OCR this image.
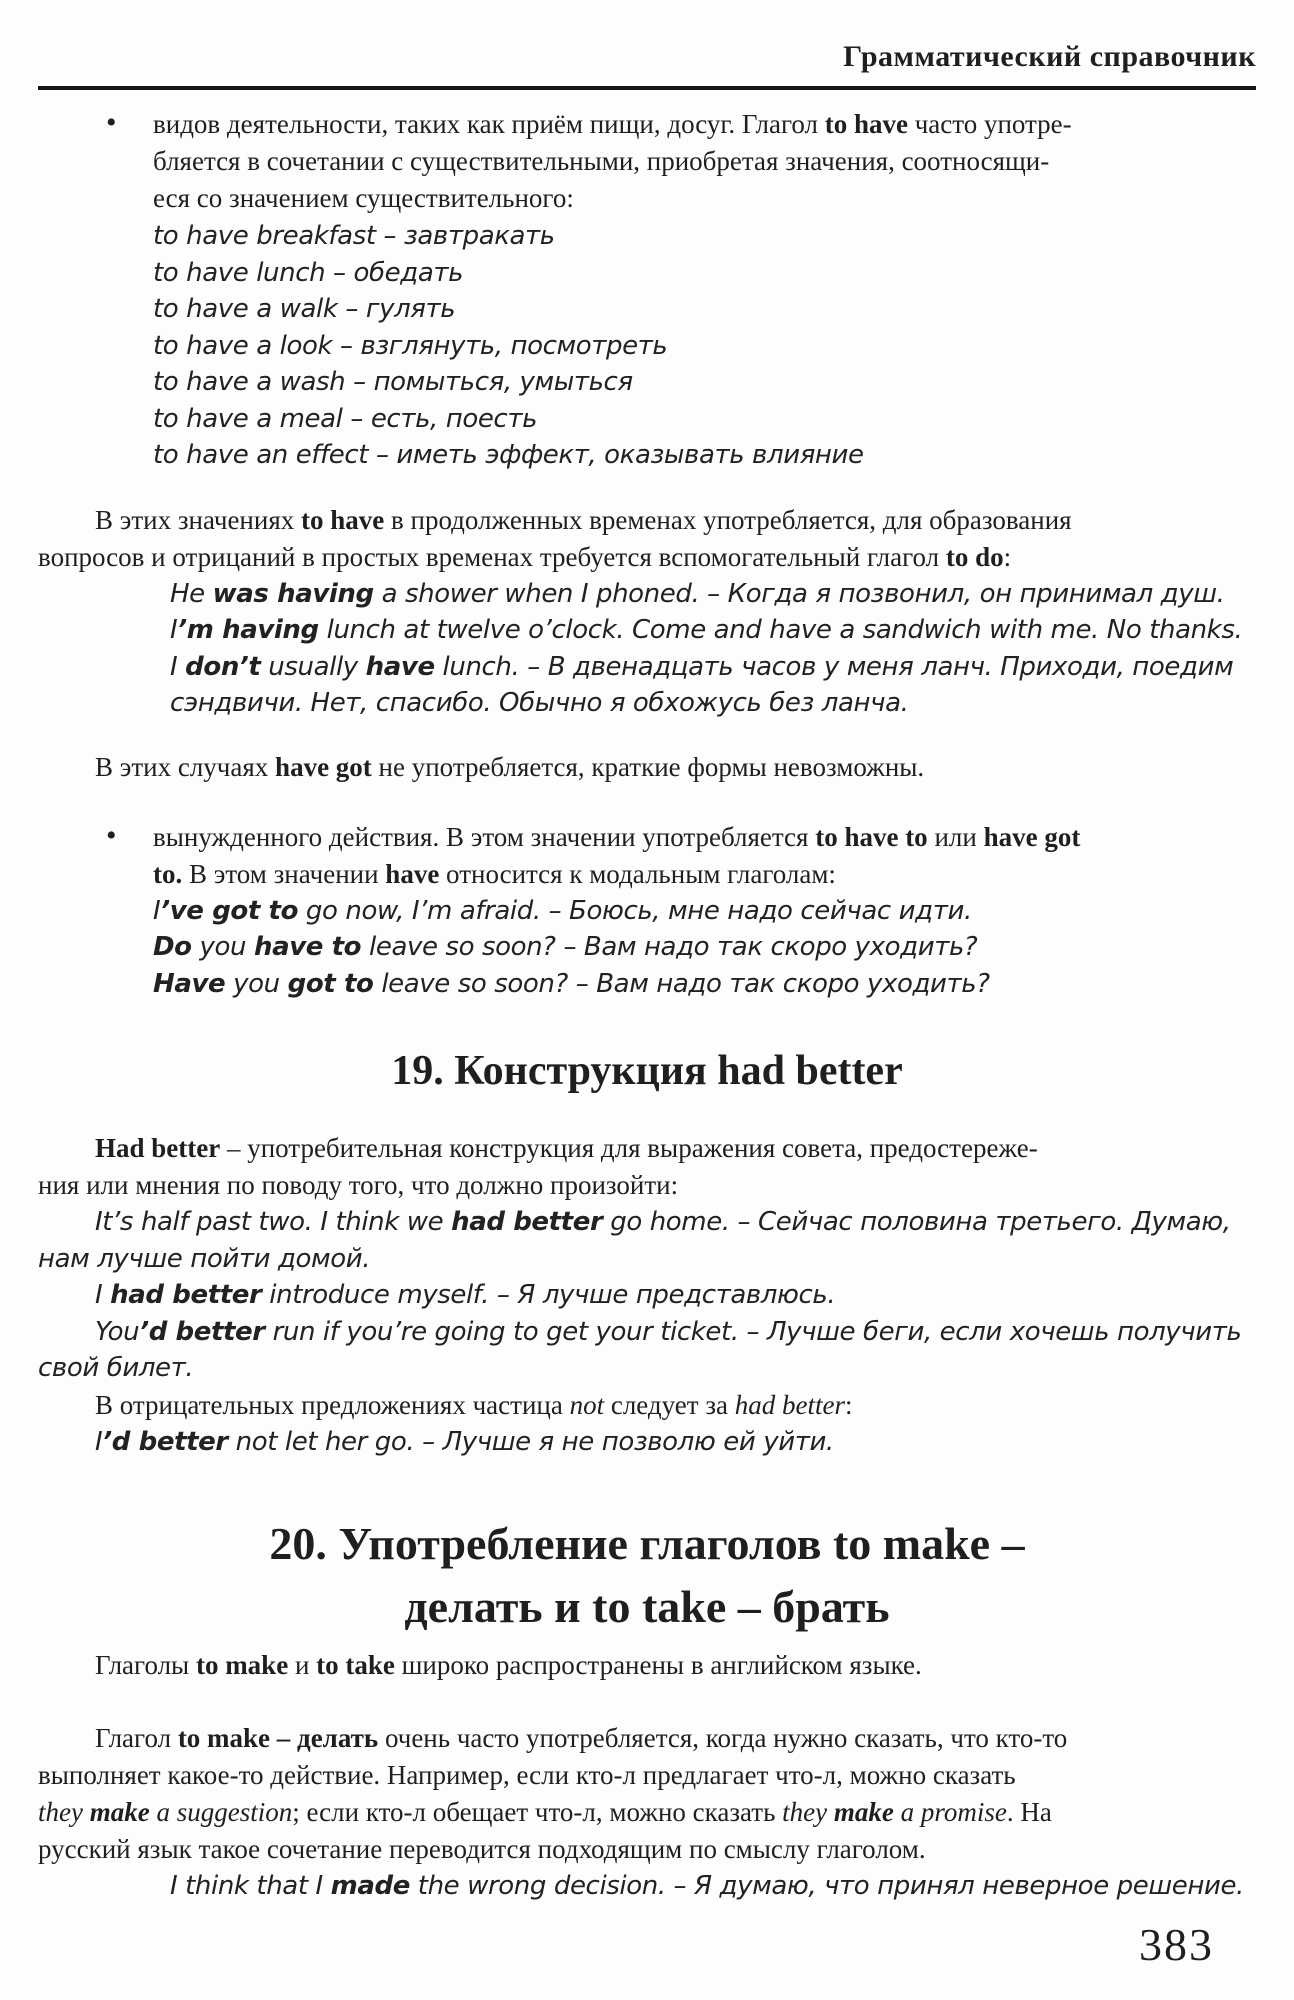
Грамматический справочник
• видов деятельности, таких как приём пищи, досуг. Глагол to have часто употре-
бляется в сочетании с существительными, приобретая значения, соотносящи-
еся со значением существительного:
to have breakfast – завтракать
to have lunch – обедать
to have a walk – гулять
to have a look – взглянуть, посмотреть
to have a wash – помыться, умыться
to have a meal – есть, поесть
to have an effect – иметь эффект, оказывать влияние
В этих значениях to have в продолженных временах употребляется, для образования
вопросов и отрицаний в простых временах требуется вспомогательный глагол to do:
He was having a shower when I phoned. – Когда я позвонил, он принимал душ.
I’m having lunch at twelve o’clock. Come and have a sandwich with me. No thanks.
I don’t usually have lunch. – В двенадцать часов у меня ланч. Приходи, поедим
сэндвичи. Нет, спасибо. Обычно я обхожусь без ланча.
В этих случаях have got не употребляется, краткие формы невозможны.
• вынужденного действия. В этом значении употребляется to have to или have got
to. В этом значении have относится к модальным глаголам:
I’ve got to go now, I’m afraid. – Боюсь, мне надо сейчас идти.
Do you have to leave so soon? – Вам надо так скоро уходить?
Have you got to leave so soon? – Вам надо так скоро уходить?
19. Конструкция had better
Had better – употребительная конструкция для выражения совета, предостереже-
ния или мнения по поводу того, что должно произойти:
It’s half past two. I think we had better go home. – Сейчас половина третьего. Думаю,
нам лучше пойти домой.
I had better introduce myself. – Я лучше представлюсь.
You’d better run if you’re going to get your ticket. – Лучше беги, если хочешь получить
свой билет.
В отрицательных предложениях частица not следует за had better:
I’d better not let her go. – Лучше я не позволю ей уйти.
20. Употребление глаголов to make –
делать и to take – брать
Глаголы to make и to take широко распространены в английском языке.
Глагол to make – делать очень часто употребляется, когда нужно сказать, что кто-то
выполняет какое-то действие. Например, если кто-л предлагает что-л, можно сказать
they make a suggestion; если кто-л обещает что-л, можно сказать they make a promise. На
русский язык такое сочетание переводится подходящим по смыслу глаголом.
I think that I made the wrong decision. – Я думаю, что принял неверное решение.
383
